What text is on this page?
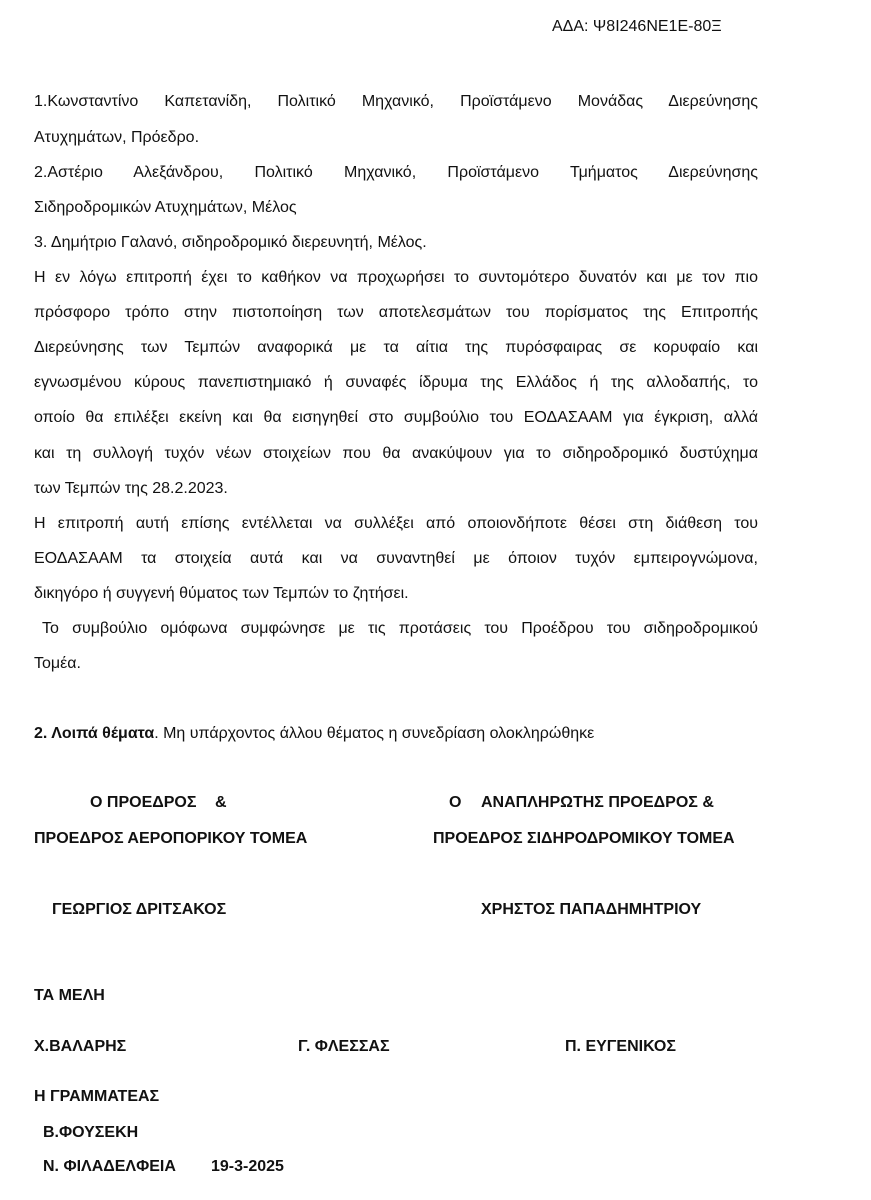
ΑΔΑ: Ψ8Ι246ΝΕ1Ε-80Ξ
1.Κωνσταντίνο Καπετανίδη, Πολιτικό Μηχανικό, Προϊστάμενο Μονάδας Διερεύνησης
Ατυχημάτων, Πρόεδρο.
2.Αστέριο Αλεξάνδρου, Πολιτικό Μηχανικό, Προϊστάμενο Τμήματος Διερεύνησης
Σιδηροδρομικών Ατυχημάτων, Μέλος
3. Δημήτριο Γαλανό, σιδηροδρομικό διερευνητή, Μέλος.
Η εν λόγω επιτροπή έχει το καθήκον να προχωρήσει το συντομότερο δυνατόν και με τον πιο
πρόσφορο τρόπο στην πιστοποίηση των αποτελεσμάτων του πορίσματος της Επιτροπής
Διερεύνησης των Τεμπών αναφορικά με τα αίτια της πυρόσφαιρας σε κορυφαίο και
εγνωσμένου κύρους πανεπιστημιακό ή συναφές ίδρυμα της Ελλάδος ή της αλλοδαπής, το
οποίο θα επιλέξει εκείνη και θα εισηγηθεί στο συμβούλιο του ΕΟΔΑΣΑΑΜ για έγκριση, αλλά
και τη συλλογή τυχόν νέων στοιχείων που θα ανακύψουν για το σιδηροδρομικό δυστύχημα
των Τεμπών της 28.2.2023.
Η επιτροπή αυτή επίσης εντέλλεται να συλλέξει από οποιονδήποτε θέσει στη διάθεση του
ΕΟΔΑΣΑΑΜ τα στοιχεία αυτά και να συναντηθεί με όποιον τυχόν εμπειρογνώμονα,
δικηγόρο ή συγγενή θύματος των Τεμπών το ζητήσει.
Το συμβούλιο ομόφωνα συμφώνησε με τις προτάσεις του Προέδρου του σιδηροδρομικού
Τομέα.
2. Λοιπά θέματα. Μη υπάρχοντος άλλου θέματος η συνεδρίαση ολοκληρώθηκε
Ο ΠΡΟΕΔΡΟΣ &	Ο ΑΝΑΠΛΗΡΩΤΗΣ ΠΡΟΕΔΡΟΣ &
ΠΡΟΕΔΡΟΣ ΑΕΡΟΠΟΡΙΚΟΥ ΤΟΜΕΑ	ΠΡΟΕΔΡΟΣ ΣΙΔΗΡΟΔΡΟΜΙΚΟΥ ΤΟΜΕΑ
ΓΕΩΡΓΙΟΣ ΔΡΙΤΣΑΚΟΣ	ΧΡΗΣΤΟΣ ΠΑΠΑΔΗΜΗΤΡΙΟΥ
ΤΑ ΜΕΛΗ
Χ.ΒΑΛΑΡΗΣ	Γ. ΦΛΕΣΣΑΣ	Π. ΕΥΓΕΝΙΚΟΣ
Η ΓΡΑΜΜΑΤΕΑΣ
Β.ΦΟΥΣΕΚΗ
Ν. ΦΙΛΑΔΕΛΦΕΙΑ 19-3-2025
